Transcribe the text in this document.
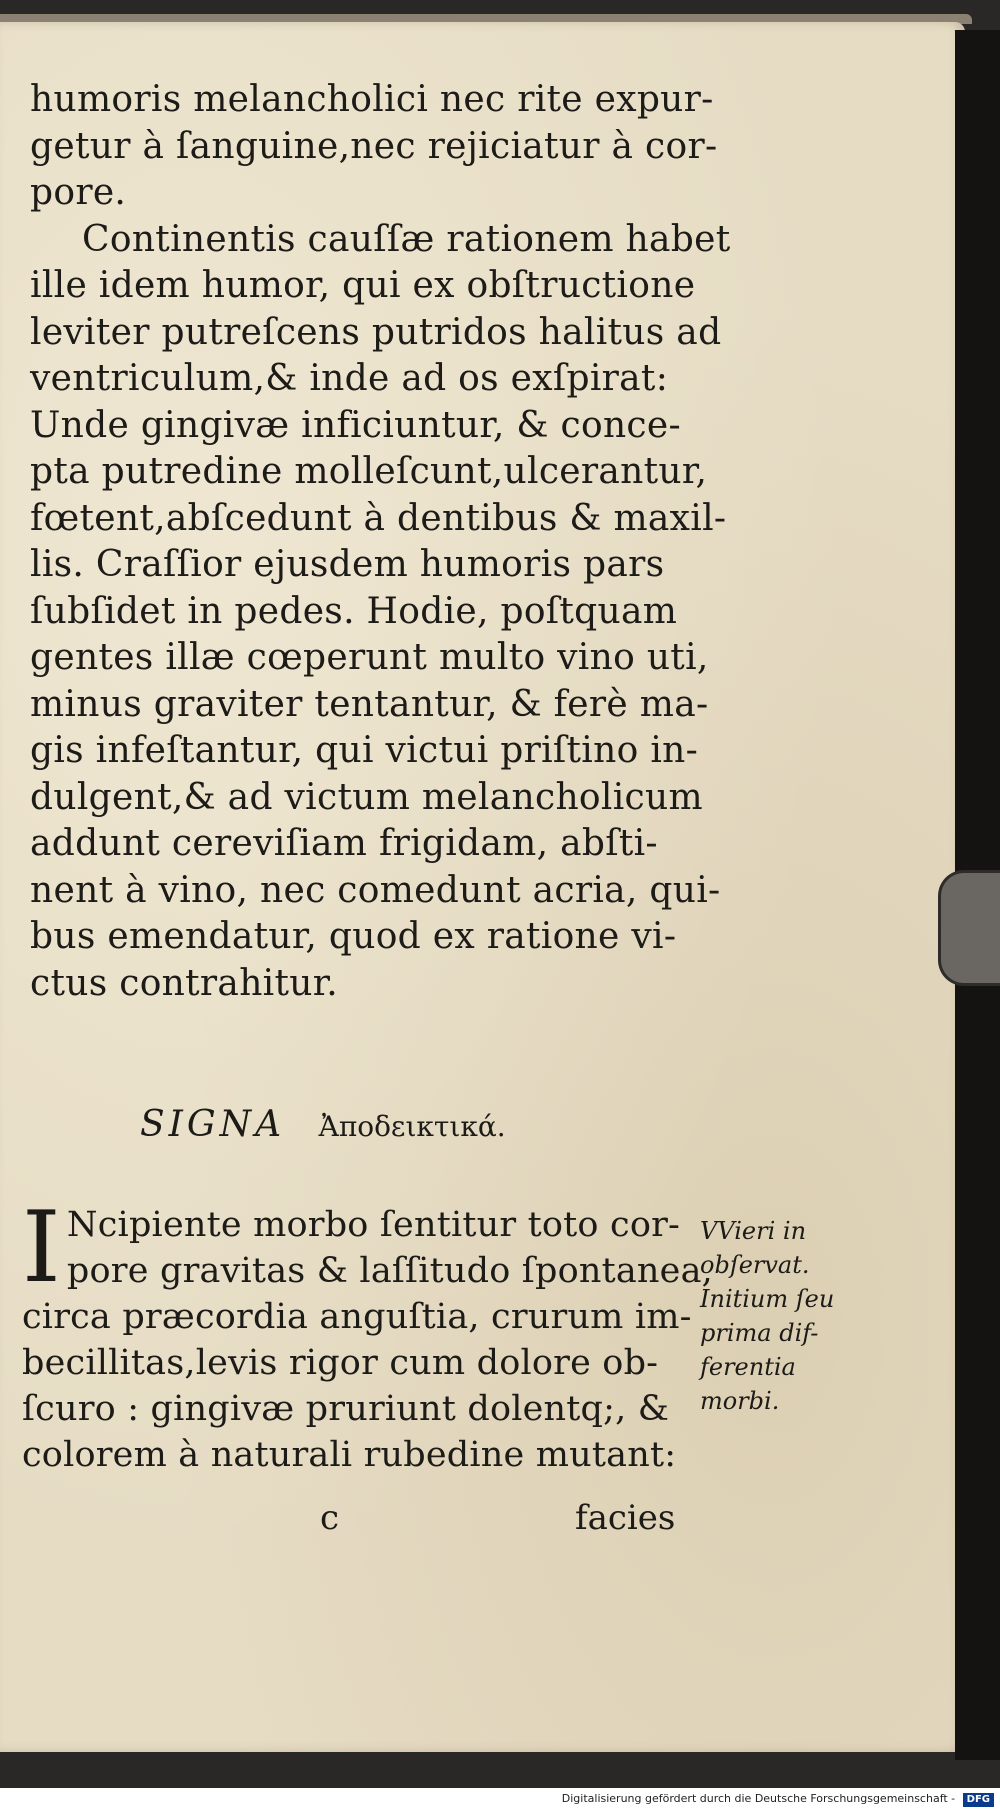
humoris melancholici nec rite expur-
getur à ſanguine,nec rejiciatur à cor-
pore.
Continentis cauſſæ rationem habet
ille idem humor, qui ex obſtructione
leviter putreſcens putridos halitus ad
ventriculum,& inde ad os exſpirat:
Unde gingivæ inficiuntur, & conce-
pta putredine molleſcunt,ulcerantur,
fœtent,abſcedunt à dentibus & maxil-
lis. Craſſior ejusdem humoris pars
ſubſidet in pedes. Hodie, poſtquam
gentes illæ cœperunt multo vino uti,
minus graviter tentantur, & ferè ma-
gis infeſtantur, qui victui priſtino in-
dulgent,& ad victum melancholicum
addunt cereviſiam frigidam, abſti-
nent à vino, nec comedunt acria, qui-
bus emendatur, quod ex ratione vi-
ctus contrahitur.
SIGNA Ἀποδεικτικά.
I Ncipiente morbo ſentitur toto cor-
pore gravitas & laſſitudo ſpontanea,
circa præcordia anguſtia, crurum im-
becillitas,levis rigor cum dolore ob-
ſcuro : gingivæ pruriunt dolentq;, &
colorem à naturali rubedine mutant:
VVieri in
obſervat.
Initium ſeu
prima dif-
ferentia
morbi.
c	facies
Digitalisierung gefördert durch die Deutsche Forschungsgemeinschaft - DFG
